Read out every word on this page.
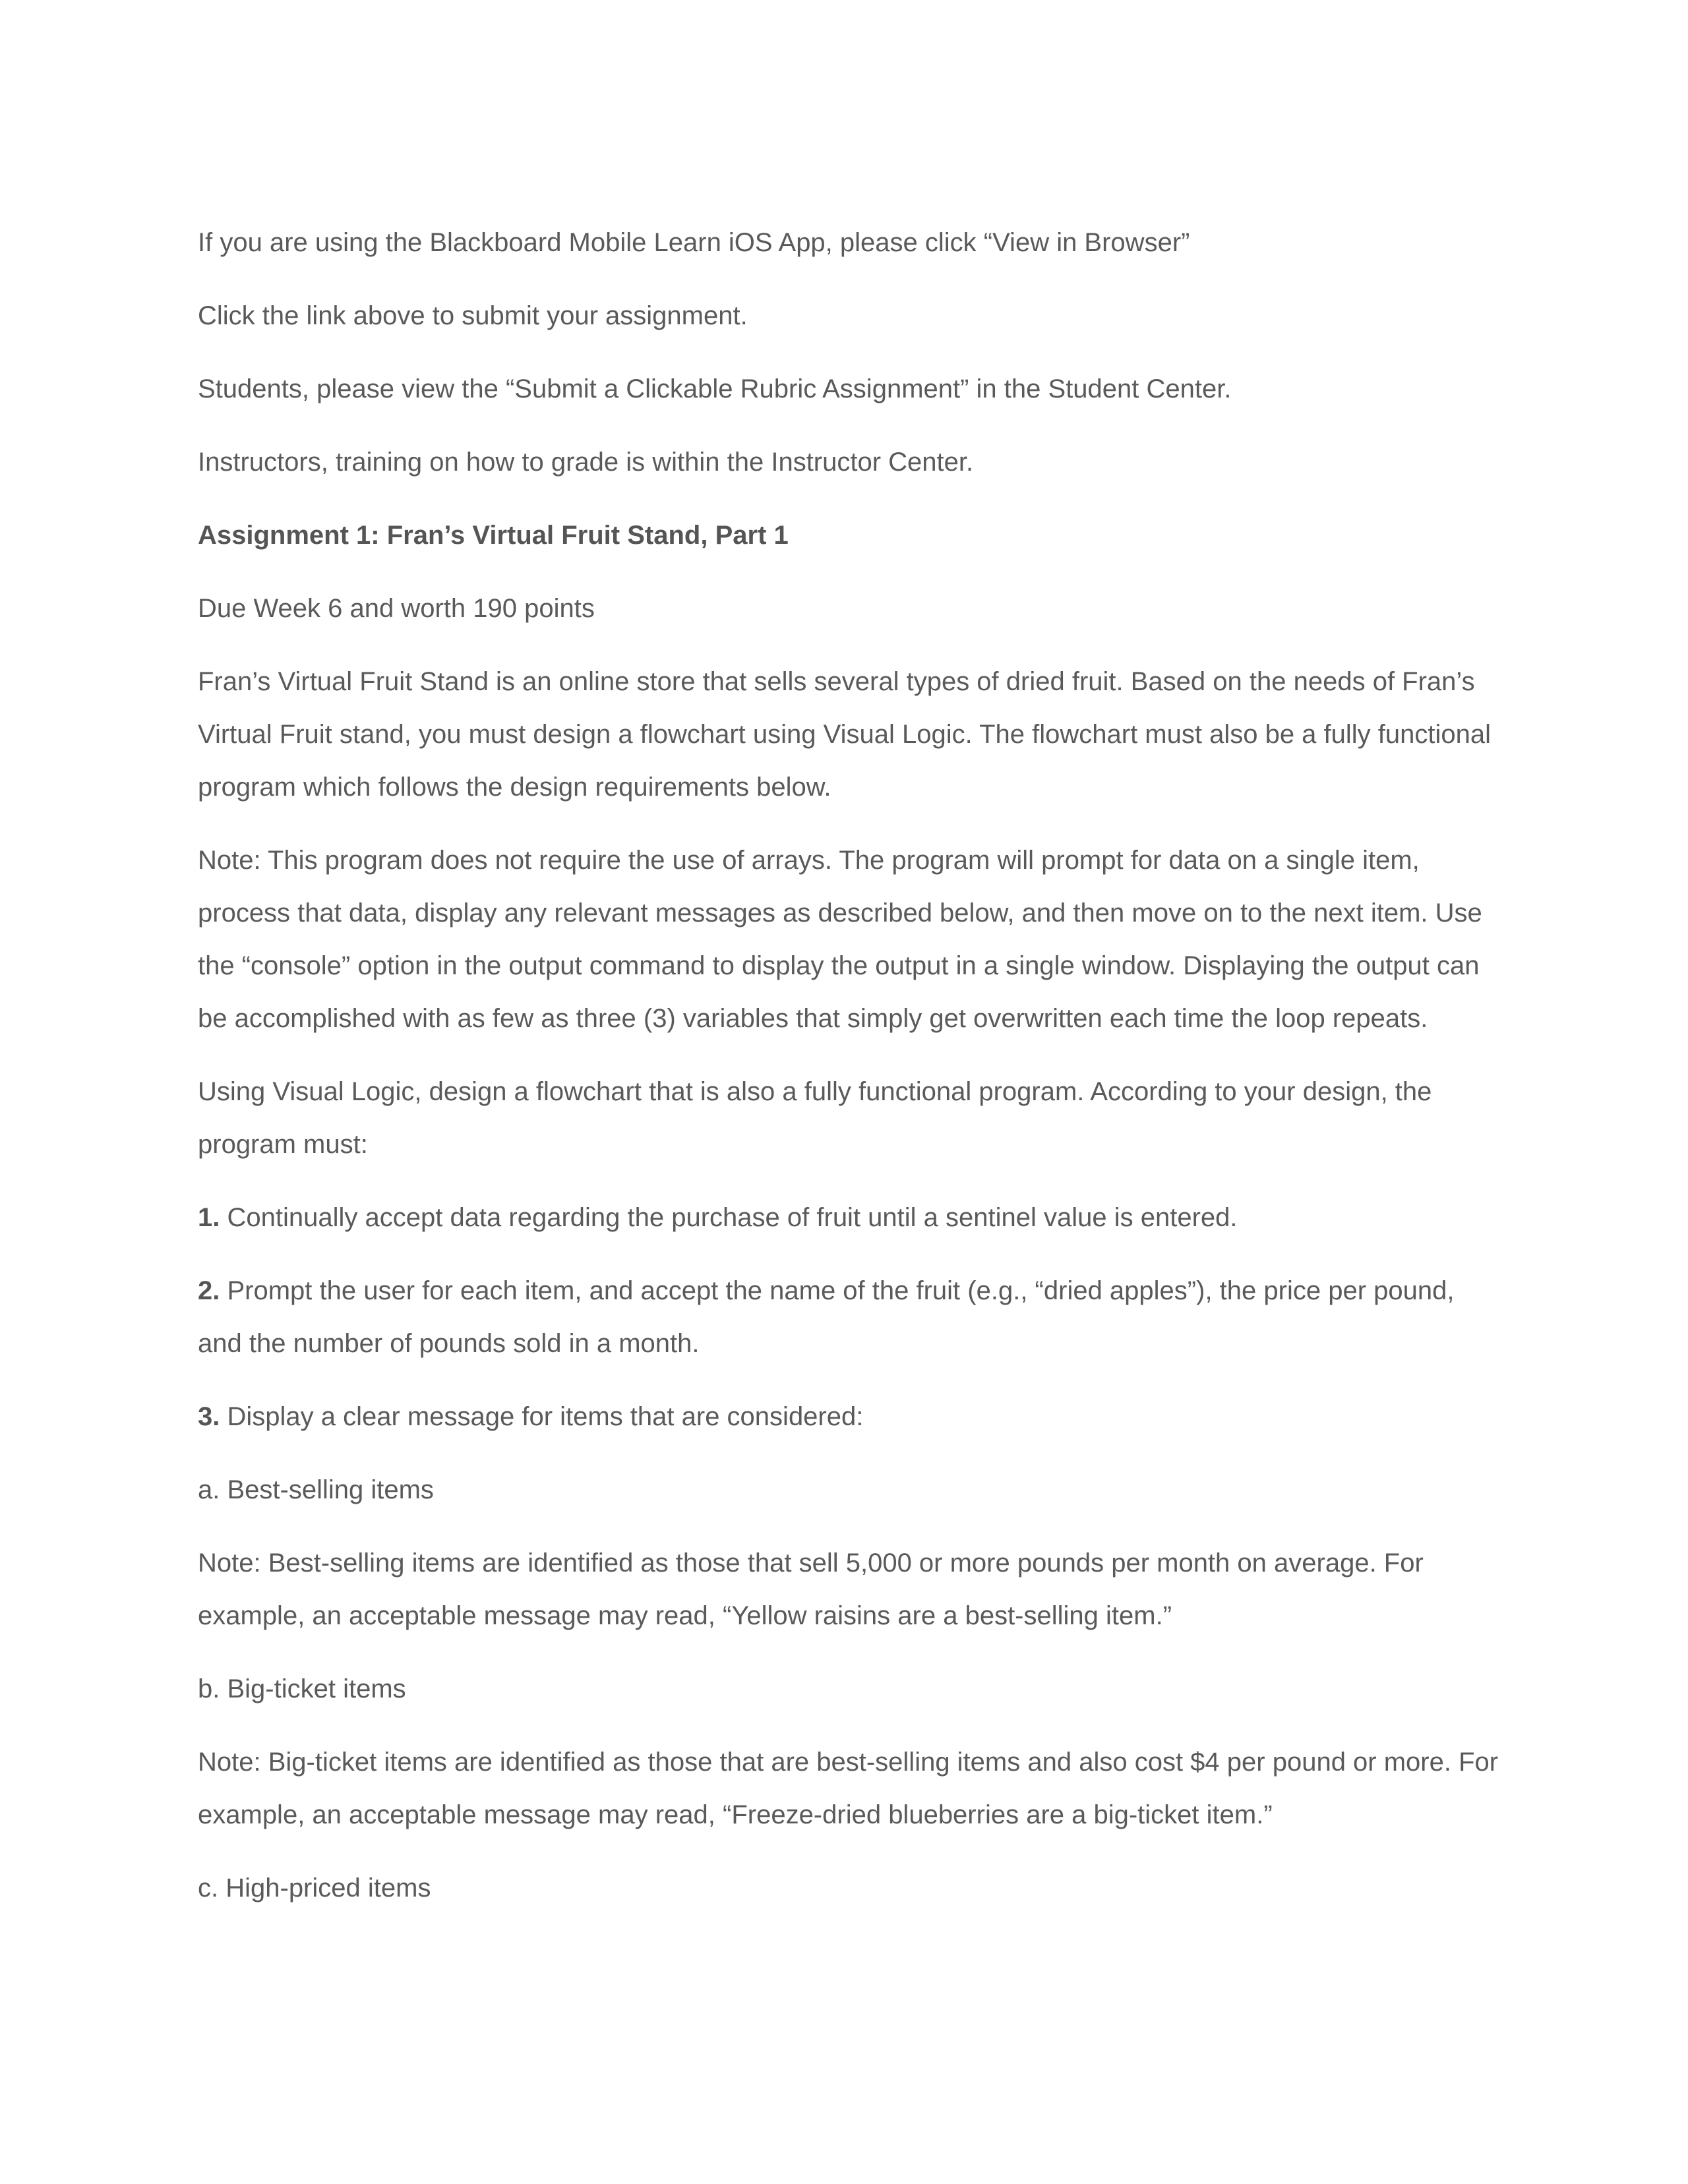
If you are using the Blackboard Mobile Learn iOS App, please click “View in Browser”

Click the link above to submit your assignment.

Students, please view the “Submit a Clickable Rubric Assignment” in the Student Center.

Instructors, training on how to grade is within the Instructor Center.

Assignment 1: Fran’s Virtual Fruit Stand, Part 1

Due Week 6 and worth 190 points

Fran’s Virtual Fruit Stand is an online store that sells several types of dried fruit. Based on the needs of Fran’s Virtual Fruit stand, you must design a flowchart using Visual Logic. The flowchart must also be a fully functional program which follows the design requirements below.

Note: This program does not require the use of arrays. The program will prompt for data on a single item, process that data, display any relevant messages as described below, and then move on to the next item. Use the “console” option in the output command to display the output in a single window. Displaying the output can be accomplished with as few as three (3) variables that simply get overwritten each time the loop repeats.

Using Visual Logic, design a flowchart that is also a fully functional program. According to your design, the program must:

1. Continually accept data regarding the purchase of fruit until a sentinel value is entered.

2. Prompt the user for each item, and accept the name of the fruit (e.g., “dried apples”), the price per pound, and the number of pounds sold in a month.

3. Display a clear message for items that are considered:

a. Best-selling items

Note: Best-selling items are identified as those that sell 5,000 or more pounds per month on average. For example, an acceptable message may read, “Yellow raisins are a best-selling item.”

b. Big-ticket items

Note: Big-ticket items are identified as those that are best-selling items and also cost $4 per pound or more. For example, an acceptable message may read, “Freeze-dried blueberries are a big-ticket item.”

c. High-priced items
